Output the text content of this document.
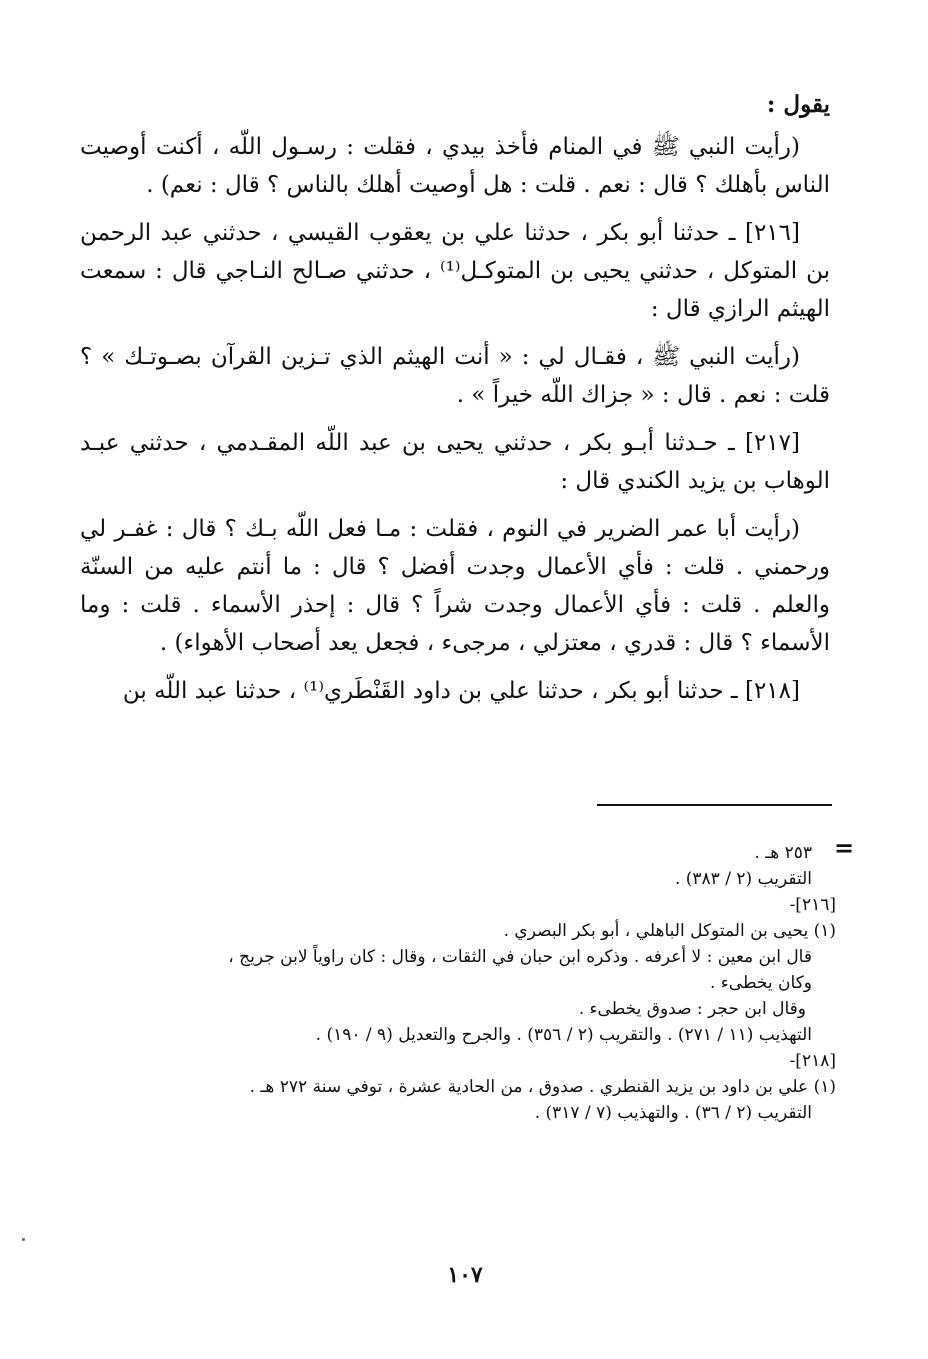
يقول :

(رأيت النبي ﷺ في المنام فأخذ بيدي ، فقلت : رسـول اللّه ، أكنت أوصيت الناس بأهلك ؟ قال : نعم . قلت : هل أوصيت أهلك بالناس ؟ قال : نعم) .

[٢١٦] ـ حدثنا أبو بكر ، حدثنا علي بن يعقوب القيسي ، حدثني عبد الرحمن بن المتوكل ، حدثني يحيى بن المتوكـل⁽¹⁾ ، حدثني صـالح النـاجي قال : سمعت الهيثم الرازي قال :

(رأيت النبي ﷺ ، فقـال لي : « أنت الهيثم الذي تـزين القرآن بصـوتـك » ؟ قلت : نعم . قال : « جزاك اللّه خيراً » .

[٢١٧] ـ حـدثنا أبـو بكر ، حدثني يحيى بن عبد اللّه المقـدمي ، حدثني عبـد الوهاب بن يزيد الكندي قال :

(رأيت أبا عمر الضرير في النوم ، فقلت : مـا فعل اللّه بـك ؟ قال : غفـر لي ورحمني . قلت : فأي الأعمال وجدت أفضل ؟ قال : ما أنتم عليه من السنّة والعلم . قلت : فأي الأعمال وجدت شراً ؟ قال : إحذر الأسماء . قلت : وما الأسماء ؟ قال : قدري ، معتزلي ، مرجىء ، فجعل يعد أصحاب الأهواء) .

[٢١٨] ـ حدثنا أبو بكر ، حدثنا علي بن داود القَنْطَري⁽¹⁾ ، حدثنا عبد اللّه بن

=

٢٥٣ هـ .

التقريب (٢ / ٣٨٣) .

[٢١٦]-

(١) يحيى بن المتوكل الباهلي ، أبو بكر البصري .

قال ابن معين : لا أعرفه . وذكره ابن حبان في الثقات ، وقال : كان راوياً لابن جريج ،

وكان يخطىء .

وقال ابن حجر : صدوق يخطىء .

التهذيب (١١ / ٢٧١) . والتقريب (٢ / ٣٥٦) . والجرح والتعديل (٩ / ١٩٠) .

[٢١٨]-

(١) علي بن داود بن يزيد القنطري . صدوق ، من الحادية عشرة ، توفي سنة ٢٧٢ هـ .

التقريب (٢ / ٣٦) . والتهذيب (٧ / ٣١٧) .

١٠٧
